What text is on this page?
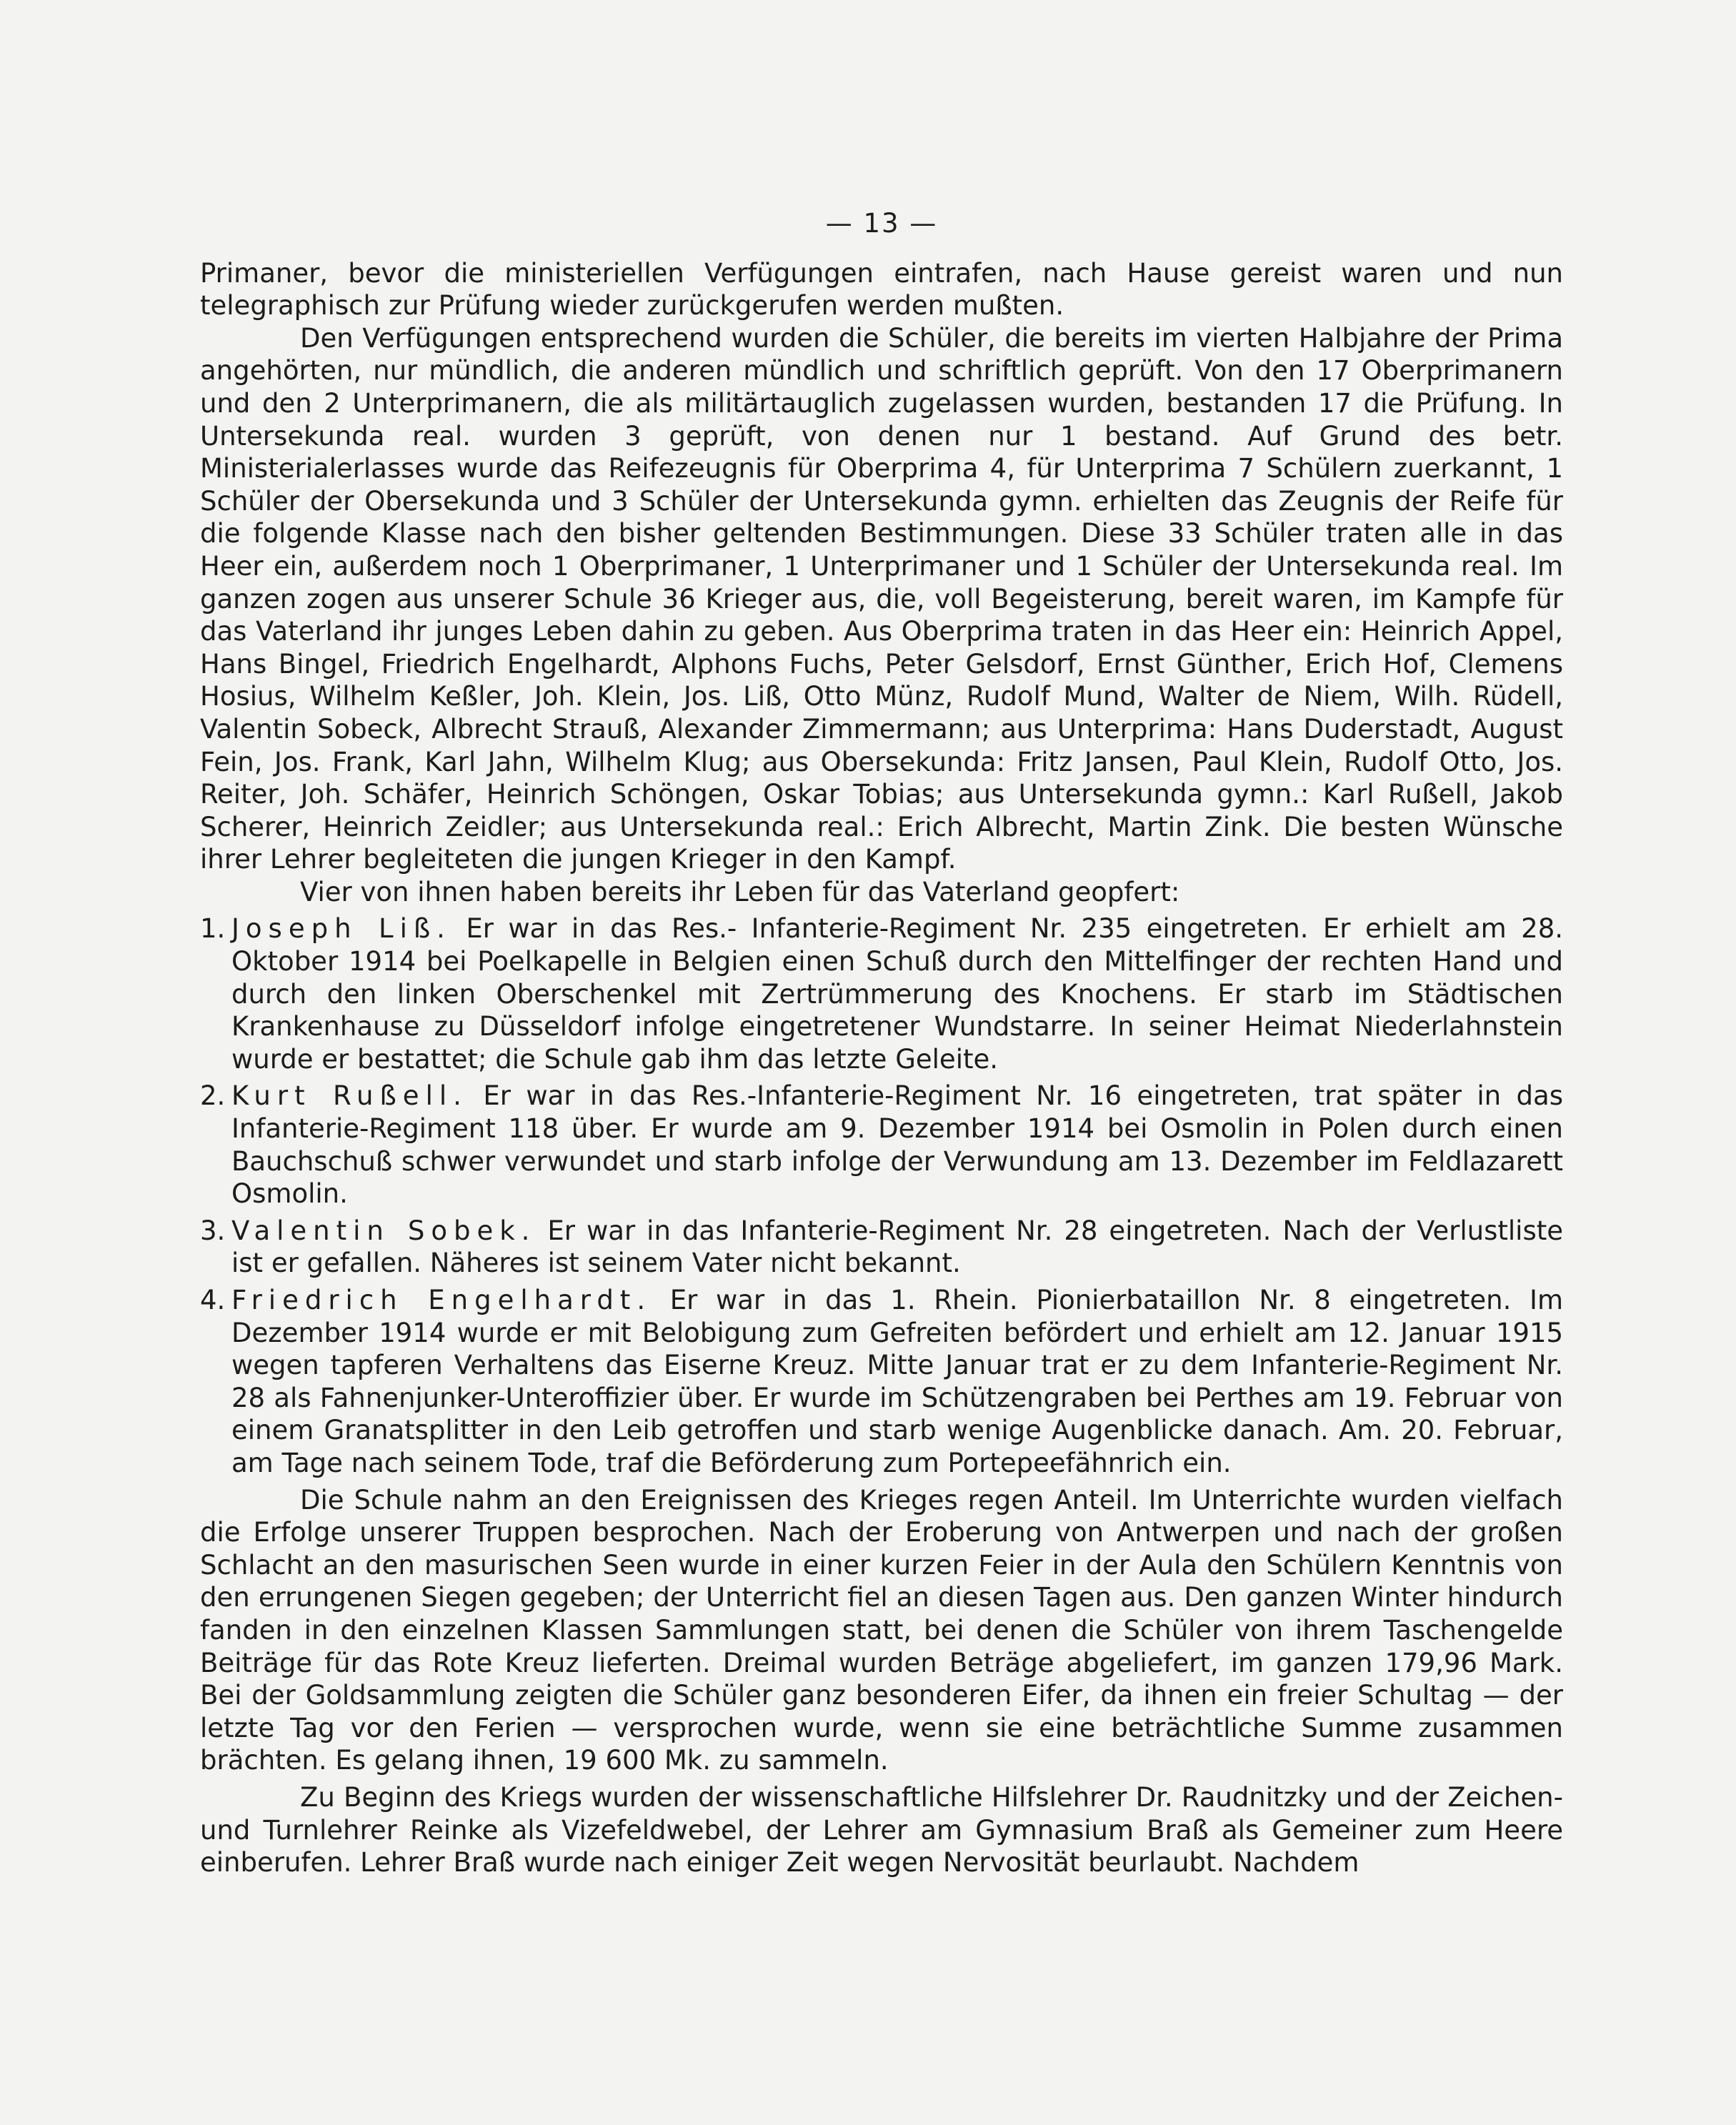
— 13 —

Primaner, bevor die ministeriellen Verfügungen eintrafen, nach Hause gereist waren und nun telegraphisch zur Prüfung wieder zurückgerufen werden mußten.

Den Verfügungen entsprechend wurden die Schüler, die bereits im vierten Halbjahre der Prima angehörten, nur mündlich, die anderen mündlich und schriftlich geprüft. Von den 17 Oberprimanern und den 2 Unterprimanern, die als militärtauglich zugelassen wurden, bestanden 17 die Prüfung. In Untersekunda real. wurden 3 geprüft, von denen nur 1 bestand. Auf Grund des betr. Ministerialerlasses wurde das Reifezeugnis für Oberprima 4, für Unterprima 7 Schülern zuerkannt, 1 Schüler der Obersekunda und 3 Schüler der Untersekunda gymn. erhielten das Zeugnis der Reife für die folgende Klasse nach den bisher geltenden Bestimmungen. Diese 33 Schüler traten alle in das Heer ein, außerdem noch 1 Oberprimaner, 1 Unterprimaner und 1 Schüler der Untersekunda real. Im ganzen zogen aus unserer Schule 36 Krieger aus, die, voll Begeisterung, bereit waren, im Kampfe für das Vaterland ihr junges Leben dahin zu geben. Aus Oberprima traten in das Heer ein: Heinrich Appel, Hans Bingel, Friedrich Engelhardt, Alphons Fuchs, Peter Gelsdorf, Ernst Günther, Erich Hof, Clemens Hosius, Wilhelm Keßler, Joh. Klein, Jos. Liß, Otto Münz, Rudolf Mund, Walter de Niem, Wilh. Rüdell, Valentin Sobeck, Albrecht Strauß, Alexander Zimmermann; aus Unterprima: Hans Duderstadt, August Fein, Jos. Frank, Karl Jahn, Wilhelm Klug; aus Obersekunda: Fritz Jansen, Paul Klein, Rudolf Otto, Jos. Reiter, Joh. Schäfer, Heinrich Schöngen, Oskar Tobias; aus Untersekunda gymn.: Karl Rußell, Jakob Scherer, Heinrich Zeidler; aus Untersekunda real.: Erich Albrecht, Martin Zink. Die besten Wünsche ihrer Lehrer begleiteten die jungen Krieger in den Kampf.

Vier von ihnen haben bereits ihr Leben für das Vaterland geopfert:

1. Joseph Liß. Er war in das Res.- Infanterie-Regiment Nr. 235 eingetreten. Er erhielt am 28. Oktober 1914 bei Poelkapelle in Belgien einen Schuß durch den Mittelfinger der rechten Hand und durch den linken Oberschenkel mit Zertrümmerung des Knochens. Er starb im Städtischen Krankenhause zu Düsseldorf infolge eingetretener Wundstarre. In seiner Heimat Niederlahnstein wurde er bestattet; die Schule gab ihm das letzte Geleite.
2. Kurt Rußell. Er war in das Res.-Infanterie-Regiment Nr. 16 eingetreten, trat später in das Infanterie-Regiment 118 über. Er wurde am 9. Dezember 1914 bei Osmolin in Polen durch einen Bauchschuß schwer verwundet und starb infolge der Verwundung am 13. Dezember im Feldlazarett Osmolin.
3. Valentin Sobek. Er war in das Infanterie-Regiment Nr. 28 eingetreten. Nach der Verlustliste ist er gefallen. Näheres ist seinem Vater nicht bekannt.
4. Friedrich Engelhardt. Er war in das 1. Rhein. Pionierbataillon Nr. 8 eingetreten. Im Dezember 1914 wurde er mit Belobigung zum Gefreiten befördert und erhielt am 12. Januar 1915 wegen tapferen Verhaltens das Eiserne Kreuz. Mitte Januar trat er zu dem Infanterie-Regiment Nr. 28 als Fahnenjunker-Unteroffizier über. Er wurde im Schützengraben bei Perthes am 19. Februar von einem Granatsplitter in den Leib getroffen und starb wenige Augenblicke danach. Am. 20. Februar, am Tage nach seinem Tode, traf die Beförderung zum Portepeefähnrich ein.

Die Schule nahm an den Ereignissen des Krieges regen Anteil. Im Unterrichte wurden vielfach die Erfolge unserer Truppen besprochen. Nach der Eroberung von Antwerpen und nach der großen Schlacht an den masurischen Seen wurde in einer kurzen Feier in der Aula den Schülern Kenntnis von den errungenen Siegen gegeben; der Unterricht fiel an diesen Tagen aus. Den ganzen Winter hindurch fanden in den einzelnen Klassen Sammlungen statt, bei denen die Schüler von ihrem Taschengelde Beiträge für das Rote Kreuz lieferten. Dreimal wurden Beträge abgeliefert, im ganzen 179,96 Mark. Bei der Goldsammlung zeigten die Schüler ganz besonderen Eifer, da ihnen ein freier Schultag — der letzte Tag vor den Ferien — versprochen wurde, wenn sie eine beträchtliche Summe zusammen brächten. Es gelang ihnen, 19 600 Mk. zu sammeln.

Zu Beginn des Kriegs wurden der wissenschaftliche Hilfslehrer Dr. Raudnitzky und der Zeichen- und Turnlehrer Reinke als Vizefeldwebel, der Lehrer am Gymnasium Braß als Gemeiner zum Heere einberufen. Lehrer Braß wurde nach einiger Zeit wegen Nervosität beurlaubt. Nachdem
